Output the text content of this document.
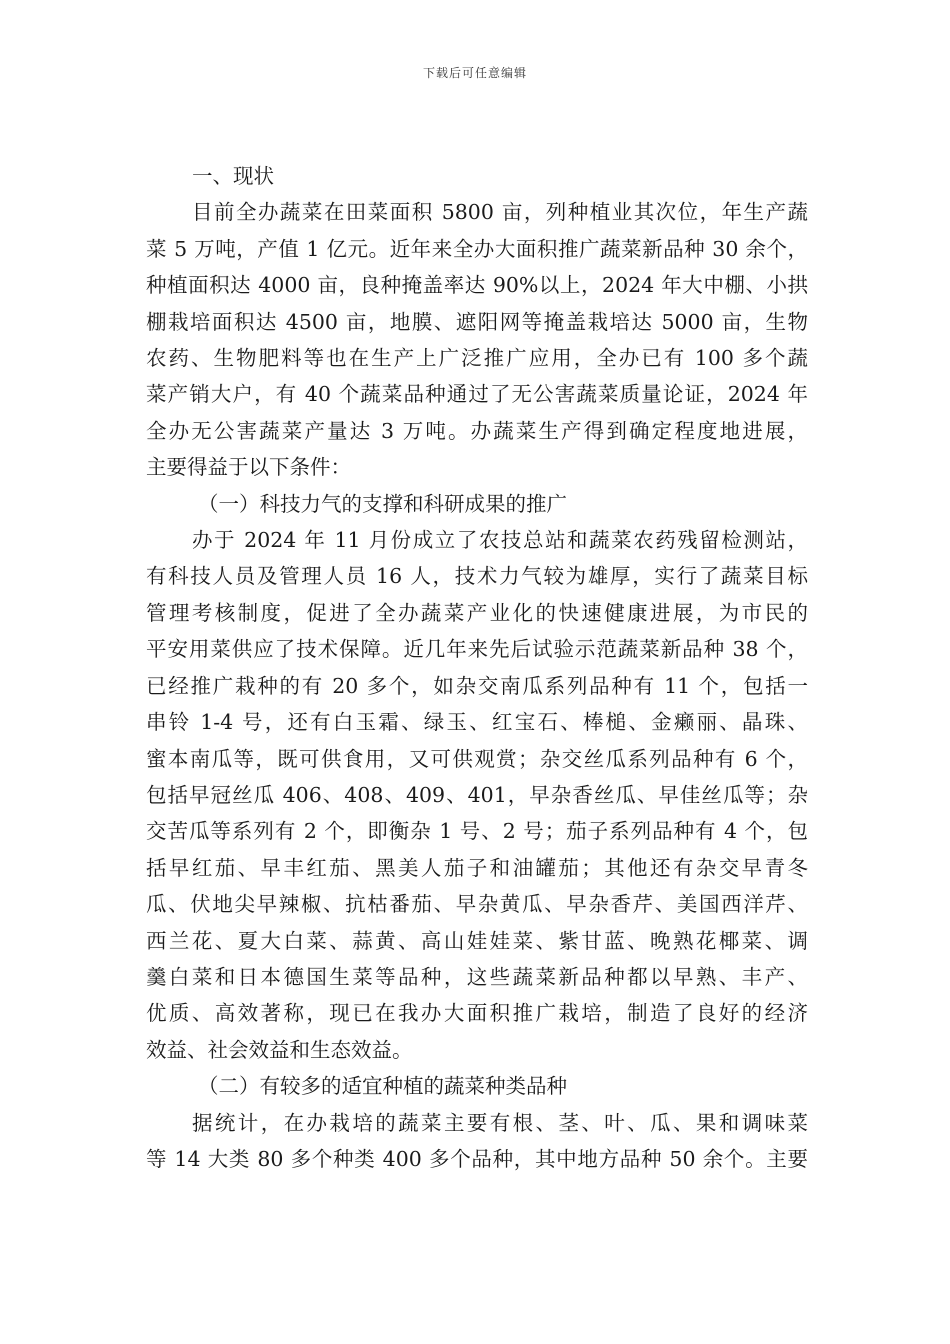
下载后可任意编辑
一、现状
目前全办蔬菜在田菜面积 5800 亩，列种植业其次位，年生产蔬
菜 5 万吨，产值 1 亿元。近年来全办大面积推广蔬菜新品种 30 余个，
种植面积达 4000 亩，良种掩盖率达 90%以上，2024 年大中棚、小拱
棚栽培面积达 4500 亩，地膜、遮阳网等掩盖栽培达 5000 亩，生物
农药、生物肥料等也在生产上广泛推广应用，全办已有 100 多个蔬
菜产销大户，有 40 个蔬菜品种通过了无公害蔬菜质量论证，2024 年
全办无公害蔬菜产量达 3 万吨。办蔬菜生产得到确定程度地进展，
主要得益于以下条件：
（一）科技力气的支撑和科研成果的推广
办于 2024 年 11 月份成立了农技总站和蔬菜农药残留检测站，
有科技人员及管理人员 16 人，技术力气较为雄厚，实行了蔬菜目标
管理考核制度，促进了全办蔬菜产业化的快速健康进展，为市民的
平安用菜供应了技术保障。近几年来先后试验示范蔬菜新品种 38 个，
已经推广栽种的有 20 多个，如杂交南瓜系列品种有 11 个，包括一
串铃 1-4 号，还有白玉霜、绿玉、红宝石、棒槌、金癞丽、晶珠、
蜜本南瓜等，既可供食用，又可供观赏；杂交丝瓜系列品种有 6 个，
包括早冠丝瓜 406、408、409、401，早杂香丝瓜、早佳丝瓜等；杂
交苦瓜等系列有 2 个，即衡杂 1 号、2 号；茄子系列品种有 4 个，包
括早红茄、早丰红茄、黑美人茄子和油罐茄；其他还有杂交早青冬
瓜、伏地尖早辣椒、抗枯番茄、早杂黄瓜、早杂香芹、美国西洋芹、
西兰花、夏大白菜、蒜黄、高山娃娃菜、紫甘蓝、晚熟花椰菜、调
羹白菜和日本德国生菜等品种，这些蔬菜新品种都以早熟、丰产、
优质、高效著称，现已在我办大面积推广栽培，制造了良好的经济
效益、社会效益和生态效益。
（二）有较多的适宜种植的蔬菜种类品种
据统计，在办栽培的蔬菜主要有根、茎、叶、瓜、果和调味菜
等 14 大类 80 多个种类 400 多个品种，其中地方品种 50 余个。主要
